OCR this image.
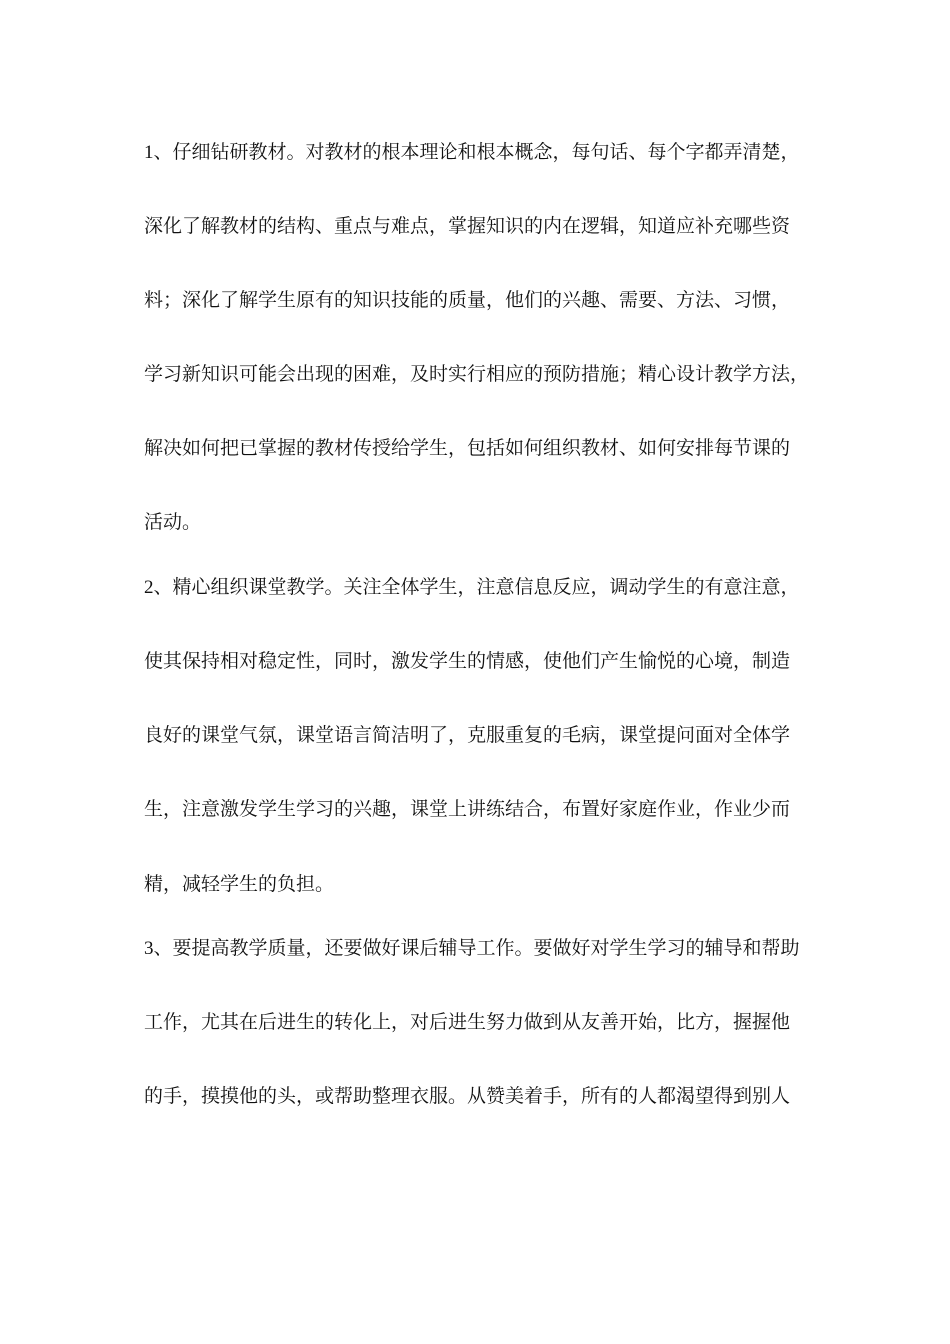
1、仔细钻研教材。对教材的根本理论和根本概念，每句话、每个字都弄清楚，
深化了解教材的结构、重点与难点，掌握知识的内在逻辑，知道应补充哪些资
料；深化了解学生原有的知识技能的质量，他们的兴趣、需要、方法、习惯，
学习新知识可能会出现的困难，及时实行相应的预防措施；精心设计教学方法，
解决如何把已掌握的教材传授给学生，包括如何组织教材、如何安排每节课的
活动。
2、精心组织课堂教学。关注全体学生，注意信息反应，调动学生的有意注意，
使其保持相对稳定性，同时，激发学生的情感，使他们产生愉悦的心境，制造
良好的课堂气氛，课堂语言简洁明了，克服重复的毛病，课堂提问面对全体学
生，注意激发学生学习的兴趣，课堂上讲练结合，布置好家庭作业，作业少而
精，减轻学生的负担。
3、要提高教学质量，还要做好课后辅导工作。要做好对学生学习的辅导和帮助
工作，尤其在后进生的转化上，对后进生努力做到从友善开始，比方，握握他
的手，摸摸他的头，或帮助整理衣服。从赞美着手，所有的人都渴望得到别人
